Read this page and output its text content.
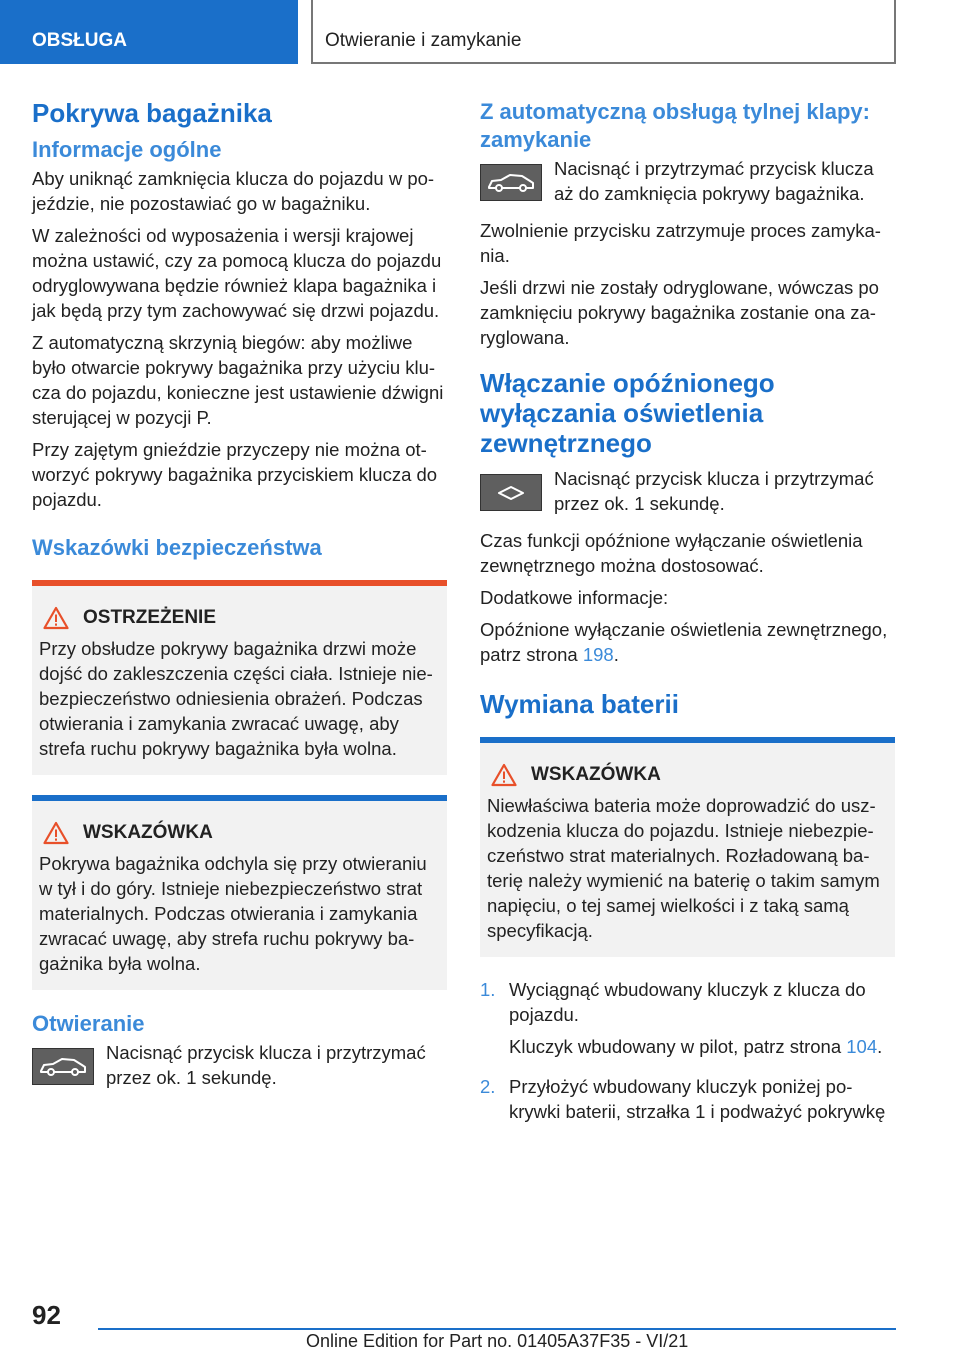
OBSŁUGA	Otwieranie i zamykanie
Pokrywa bagażnika
Informacje ogólne

Aby uniknąć zamknięcia klucza do pojazdu w pojeździe, nie pozostawiać go w bagażniku.

W zależności od wyposażenia i wersji krajowej można ustawić, czy za pomocą klucza do pojazdu odryglowywana będzie również klapa bagażnika i jak będą przy tym zachowywać się drzwi pojazdu.

Z automatyczną skrzynią biegów: aby możliwe było otwarcie pokrywy bagażnika przy użyciu klucza do pojazdu, konieczne jest ustawienie dźwigni sterującej w pozycji P.

Przy zajętym gnieździe przyczepy nie można otworzyć pokrywy bagażnika przyciskiem klucza do pojazdu.

Wskazówki bezpieczeństwa
OSTRZEŻENIE

Przy obsłudze pokrywy bagażnika drzwi może dojść do zakleszczenia części ciała. Istnieje niebezpieczeństwo odniesienia obrażeń. Podczas otwierania i zamykania zwracać uwagę, aby strefa ruchu pokrywy bagażnika była wolna.

WSKAZÓWKA

Pokrywa bagażnika odchyla się przy otwieraniu w tył i do góry. Istnieje niebezpieczeństwo strat materialnych. Podczas otwierania i zamykania zwracać uwagę, aby strefa ruchu pokrywy bagażnika była wolna.

Otwieranie

Nacisnąć przycisk klucza i przytrzymać przez ok. 1 sekundę.

Z automatyczną obsługą tylnej klapy: zamykanie

Nacisnąć i przytrzymać przycisk klucza aż do zamknięcia pokrywy bagażnika.

Zwolnienie przycisku zatrzymuje proces zamykania.

Jeśli drzwi nie zostały odryglowane, wówczas po zamknięciu pokrywy bagażnika zostanie ona zaryglowana.

Włączanie opóźnionego wyłączania oświetlenia zewnętrznego

Nacisnąć przycisk klucza i przytrzymać przez ok. 1 sekundę.

Czas funkcji opóźnione wyłączanie oświetlenia zewnętrznego można dostosować.

Dodatkowe informacje:

Opóźnione wyłączanie oświetlenia zewnętrznego, patrz strona 198.

Wymiana baterii
WSKAZÓWKA

Niewłaściwa bateria może doprowadzić do uszkodzenia klucza do pojazdu. Istnieje niebezpieczeństwo strat materialnych. Rozładowaną baterię należy wymienić na baterię o takim samym napięciu, o tej samej wielkości i z taką samą specyfikacją.

1. Wyciągnąć wbudowany kluczyk z klucza do pojazdu.

Kluczyk wbudowany w pilot, patrz strona 104.

2. Przyłożyć wbudowany kluczyk poniżej pokrywki baterii, strzałka 1 i podważyć pokrywkę

92
Online Edition for Part no. 01405A37F35 - VI/21
